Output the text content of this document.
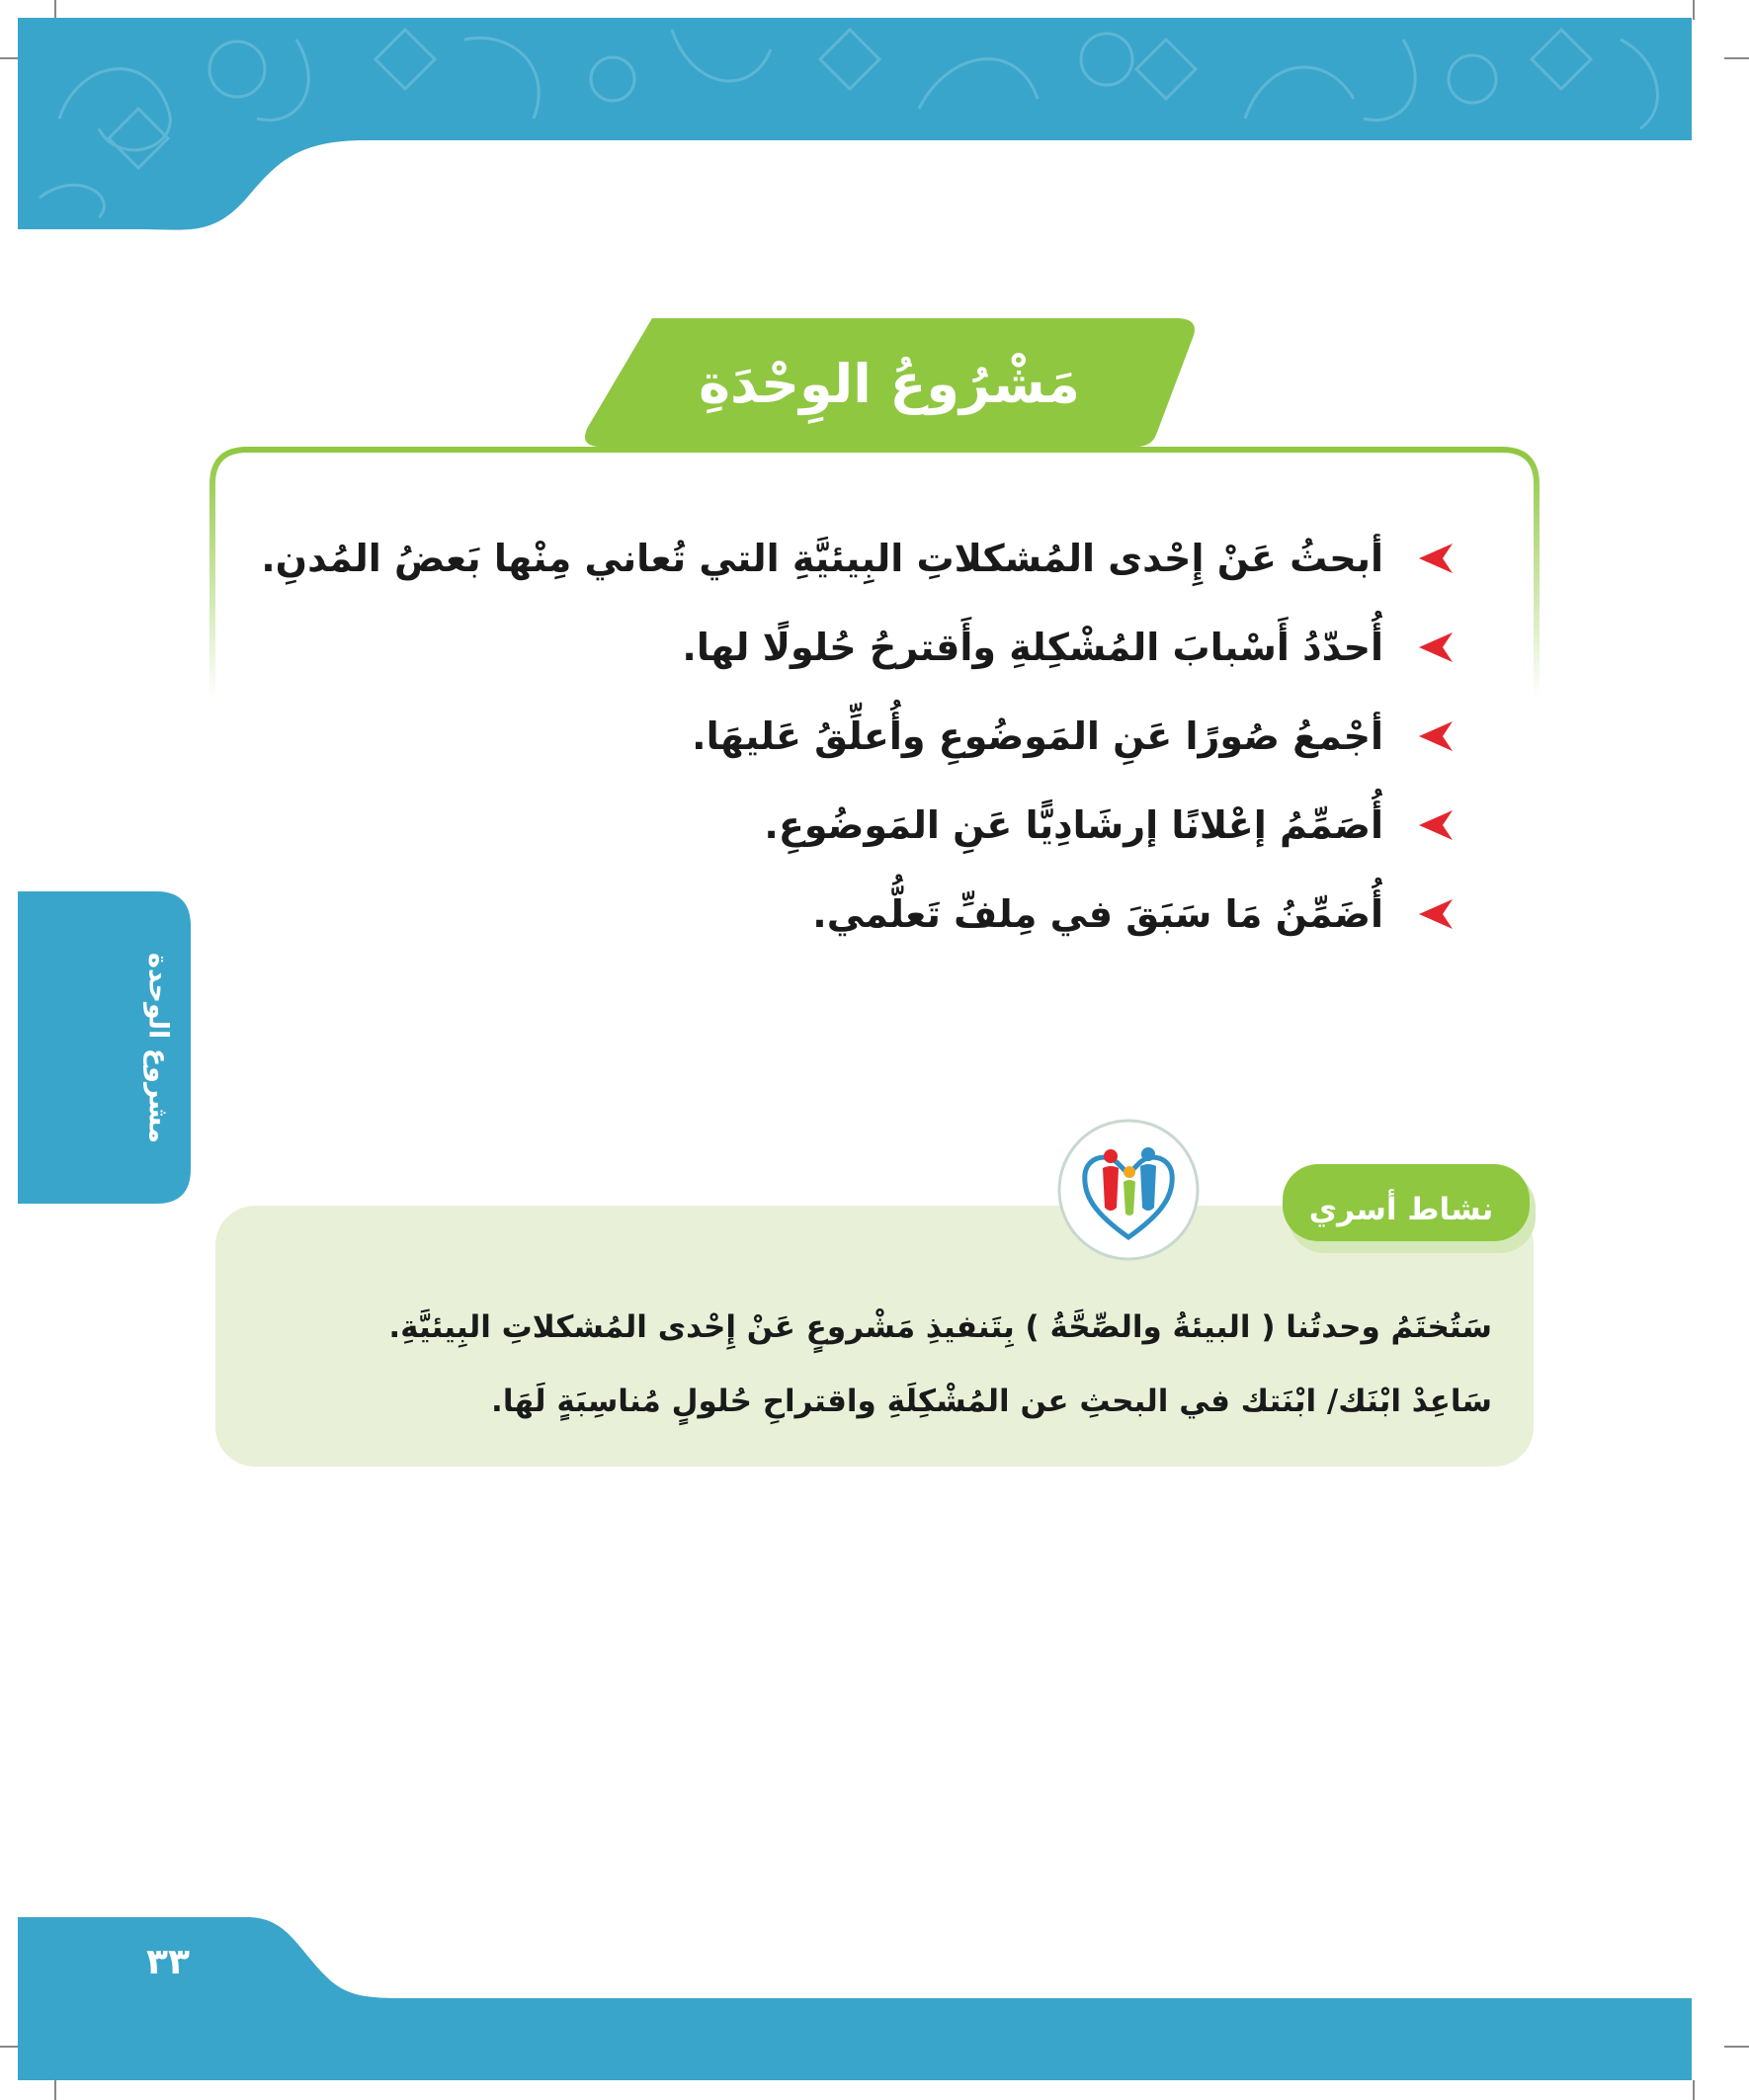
مَشْرُوعُ الوِحْدَةِ
أبحثُ عَنْ إِحْدى المُشكلاتِ البِيئيَّةِ التي تُعاني مِنْها بَعضُ المُدنِ.
أُحدّدُ أَسْبابَ المُشْكِلةِ وأَقترحُ حُلولًا لها.
أجْمعُ صُورًا عَنِ المَوضُوعِ وأُعلِّقُ عَليهَا.
أُصَمِّمُ إعْلانًا إرشَادِيًّا عَنِ المَوضُوعِ.
أُضَمِّنُ مَا سَبَقَ في مِلفِّ تَعلُّمي.
مشروع الوحدة
نشاط أسري
سَتُختَمُ وحدتُنا ( البيئةُ والصِّحَّةُ ) بِتَنفيذِ مَشْروعٍ عَنْ إِحْدى المُشكلاتِ البِيئيَّةِ.
سَاعِدْ ابْنَك/ ابْنَتك في البحثِ عن المُشْكِلَةِ واقتراحِ حُلولٍ مُناسِبَةٍ لَهَا.
٣٣
